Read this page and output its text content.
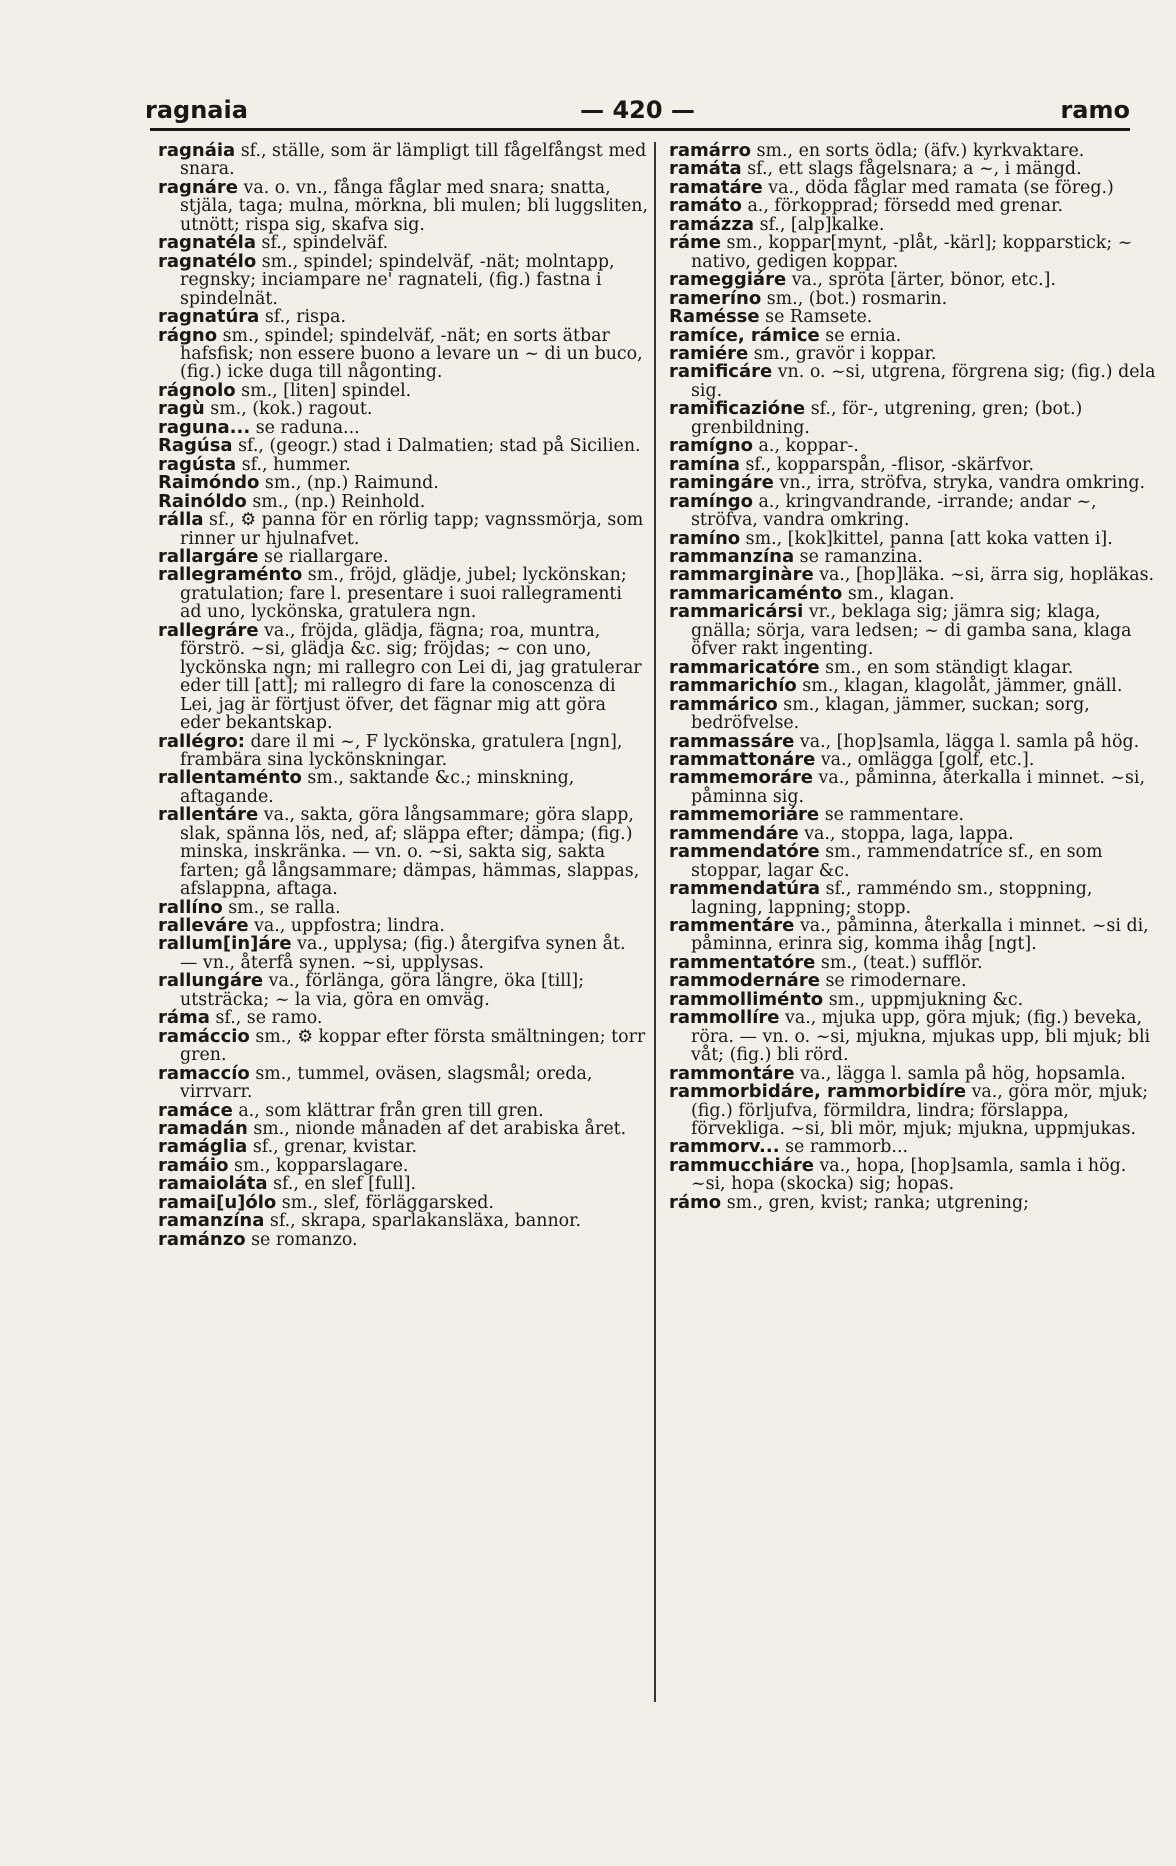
ragnaia	— 420 —	ramo

ragnáia sf., ställe, som är lämpligt till fågelfångst med snara.

ragnáre va. o. vn., fånga fåglar med snara; snatta, stjäla, taga; mulna, mörkna, bli mulen; bli luggsliten, utnött; rispa sig, skafva sig.

ragnatéla sf., spindelväf.

ragnatélo sm., spindel; spindelväf, -nät; molntapp, regnsky; inciampare ne' ragnateli, (fig.) fastna i spindelnät.

ragnatúra sf., rispa.

rágno sm., spindel; spindelväf, -nät; en sorts ätbar hafsfisk; non essere buono a levare un ~ di un buco, (fig.) icke duga till någonting.

rágnolo sm., [liten] spindel.

ragù sm., (kok.) ragout.

raguna... se raduna...

Ragúsa sf., (geogr.) stad i Dalmatien; stad på Sicilien.

ragústa sf., hummer.

Raimóndo sm., (np.) Raimund.

Rainóldo sm., (np.) Reinhold.

rálla sf., ⚙ panna för en rörlig tapp; vagnssmörja, som rinner ur hjulnafvet.

rallargáre se riallargare.

rallegraménto sm., fröjd, glädje, jubel; lyckönskan; gratulation; fare l. presentare i suoi rallegramenti ad uno, lyckönska, gratulera ngn.

rallegráre va., fröjda, glädja, fägna; roa, muntra, förströ. ~si, glädja &c. sig; fröjdas; ~ con uno, lyckönska ngn; mi rallegro con Lei di, jag gratulerar eder till [att]; mi rallegro di fare la conoscenza di Lei, jag är förtjust öfver, det fägnar mig att göra eder bekantskap.

rallégro: dare il mi ~, F lyckönska, gratulera [ngn], frambära sina lyckönskningar.

rallentaménto sm., saktande &c.; minskning, aftagande.

rallentáre va., sakta, göra långsammare; göra slapp, slak, spänna lös, ned, af; släppa efter; dämpa; (fig.) minska, inskränka. — vn. o. ~si, sakta sig, sakta farten; gå långsammare; dämpas, hämmas, slappas, afslappna, aftaga.

rallíno sm., se ralla.

ralleváre va., uppfostra; lindra.

rallum[in]áre va., upplysa; (fig.) återgifva synen åt. — vn., återfå synen. ~si, upplysas.

rallungáre va., förlänga, göra längre, öka [till]; utsträcka; ~ la via, göra en omväg.

ráma sf., se ramo.

ramáccio sm., ⚙ koppar efter första smältningen; torr gren.

ramaccío sm., tummel, oväsen, slagsmål; oreda, virrvarr.

ramáce a., som klättrar från gren till gren.

ramadán sm., nionde månaden af det arabiska året.

ramáglia sf., grenar, kvistar.

ramáio sm., kopparslagare.

ramaioláta sf., en slef [full].

ramai[u]ólo sm., slef, förläggarsked.

ramanzína sf., skrapa, sparlakansläxa, bannor.

ramánzo se romanzo.

ramárro sm., en sorts ödla; (äfv.) kyrkvaktare.

ramáta sf., ett slags fågelsnara; a ~, i mängd.

ramatáre va., döda fåglar med ramata (se föreg.)

ramáto a., förkopprad; försedd med grenar.

ramázza sf., [alp]kalke.

ráme sm., koppar[mynt, -plåt, -kärl]; kopparstick; ~ nativo, gedigen koppar.

rameggiáre va., spröta [ärter, bönor, etc.].

rameríno sm., (bot.) rosmarin.

Ramésse se Ramsete.

ramíce, rámice se ernia.

ramiére sm., gravör i koppar.

ramificáre vn. o. ~si, utgrena, förgrena sig; (fig.) dela sig.

ramificazióne sf., för-, utgrening, gren; (bot.) grenbildning.

ramígno a., koppar-.

ramína sf., kopparspån, -flisor, -skärfvor.

ramingáre vn., irra, ströfva, stryka, vandra omkring.

ramíngo a., kringvandrande, -irrande; andar ~, ströfva, vandra omkring.

ramíno sm., [kok]kittel, panna [att koka vatten i].

rammanzína se ramanzina.

rammarginàre va., [hop]läka. ~si, ärra sig, hopläkas.

rammaricaménto sm., klagan.

rammaricársi vr., beklaga sig; jämra sig; klaga, gnälla; sörja, vara ledsen; ~ di gamba sana, klaga öfver rakt ingenting.

rammaricatóre sm., en som ständigt klagar.

rammarichío sm., klagan, klagolåt, jämmer, gnäll.

rammárico sm., klagan, jämmer, suckan; sorg, bedröfvelse.

rammassáre va., [hop]samla, lägga l. samla på hög.

rammattonáre va., omlägga [golf, etc.].

rammemoráre va., påminna, återkalla i minnet. ~si, påminna sig.

rammemoriáre se rammentare.

rammendáre va., stoppa, laga, lappa.

rammendatóre sm., rammendatríce sf., en som stoppar, lagar &c.

rammendatúra sf., ramméndo sm., stoppning, lagning, lappning; stopp.

rammentáre va., påminna, återkalla i minnet. ~si di, påminna, erinra sig, komma ihåg [ngt].

rammentatóre sm., (teat.) sufflör.

rammodernáre se rimodernare.

rammolliménto sm., uppmjukning &c.

rammollíre va., mjuka upp, göra mjuk; (fig.) beveka, röra. — vn. o. ~si, mjukna, mjukas upp, bli mjuk; bli våt; (fig.) bli rörd.

rammontáre va., lägga l. samla på hög, hopsamla.

rammorbidáre, rammorbidíre va., göra mör, mjuk; (fig.) förljufva, förmildra, lindra; förslappa, förvekliga. ~si, bli mör, mjuk; mjukna, uppmjukas.

rammorv... se rammorb...

rammucchiáre va., hopa, [hop]samla, samla i hög. ~si, hopa (skocka) sig; hopas.

rámo sm., gren, kvist; ranka; utgrening;
